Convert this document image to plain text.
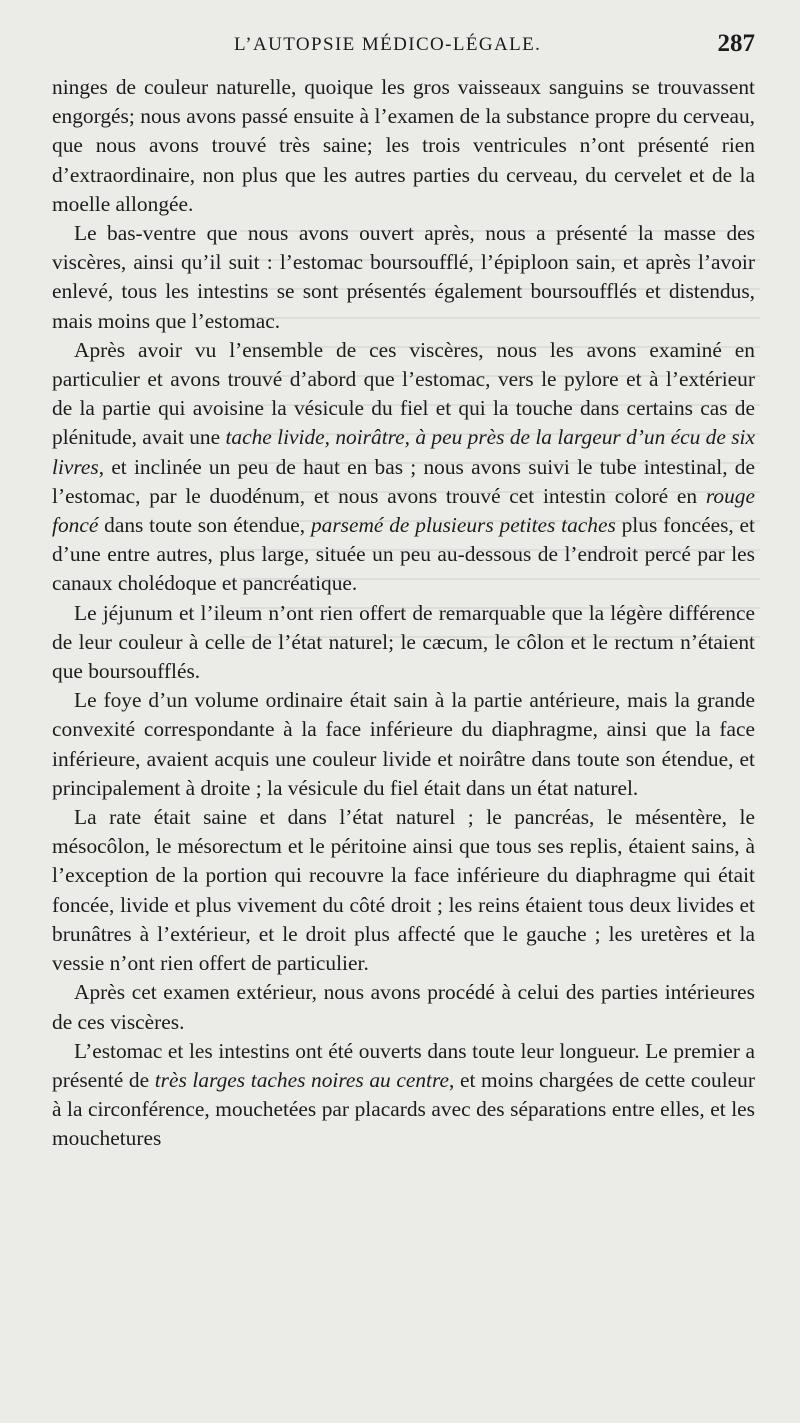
L’AUTOPSIE MÉDICO-LÉGALE.	287

ninges de couleur naturelle, quoique les gros vaisseaux sanguins se trouvassent engorgés; nous avons passé ensuite à l’examen de la substance propre du cerveau, que nous avons trouvé très saine; les trois ventricules n’ont présenté rien d’extraordinaire, non plus que les autres parties du cerveau, du cervelet et de la moelle allongée.

Le bas-ventre que nous avons ouvert après, nous a présenté la masse des viscères, ainsi qu’il suit : l’estomac boursoufflé, l’épiploon sain, et après l’avoir enlevé, tous les intestins se sont présentés également boursoufflés et distendus, mais moins que l’estomac.

Après avoir vu l’ensemble de ces viscères, nous les avons examiné en particulier et avons trouvé d’abord que l’estomac, vers le pylore et à l’extérieur de la partie qui avoisine la vésicule du fiel et qui la touche dans certains cas de plénitude, avait une tache livide, noirâtre, à peu près de la largeur d’un écu de six livres, et inclinée un peu de haut en bas ; nous avons suivi le tube intestinal, de l’estomac, par le duodénum, et nous avons trouvé cet intestin coloré en rouge foncé dans toute son étendue, parsemé de plusieurs petites taches plus foncées, et d’une entre autres, plus large, située un peu au-dessous de l’endroit percé par les canaux cholédoque et pancréatique.

Le jéjunum et l’ileum n’ont rien offert de remarquable que la légère différence de leur couleur à celle de l’état naturel; le cæcum, le côlon et le rectum n’étaient que boursoufflés.

Le foye d’un volume ordinaire était sain à la partie antérieure, mais la grande convexité correspondante à la face inférieure du diaphragme, ainsi que la face inférieure, avaient acquis une couleur livide et noirâtre dans toute son étendue, et principalement à droite ; la vésicule du fiel était dans un état naturel.

La rate était saine et dans l’état naturel ; le pancréas, le mésentère, le mésocôlon, le mésorectum et le péritoine ainsi que tous ses replis, étaient sains, à l’exception de la portion qui recouvre la face inférieure du diaphragme qui était foncée, livide et plus vivement du côté droit ; les reins étaient tous deux livides et brunâtres à l’extérieur, et le droit plus affecté que le gauche ; les uretères et la vessie n’ont rien offert de particulier.

Après cet examen extérieur, nous avons procédé à celui des parties intérieures de ces viscères.

L’estomac et les intestins ont été ouverts dans toute leur longueur. Le premier a présenté de très larges taches noires au centre, et moins chargées de cette couleur à la circonférence, mouchetées par placards avec des séparations entre elles, et les mouchetures
